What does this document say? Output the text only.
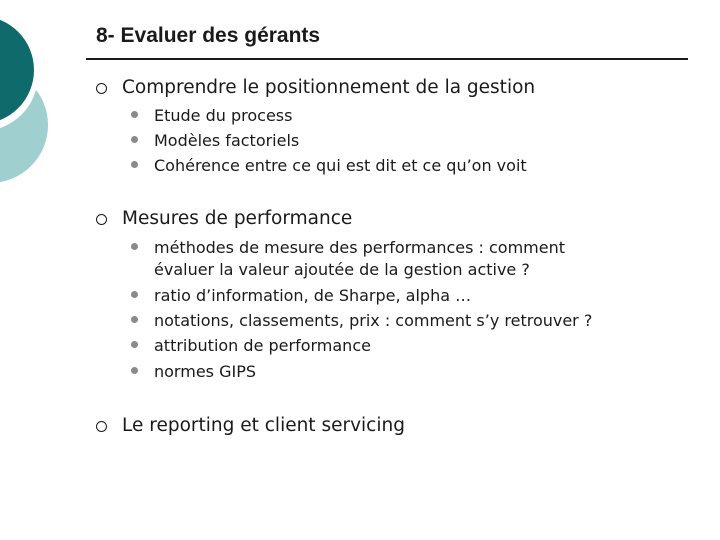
8- Evaluer des gérants
Comprendre le positionnement de la gestion
Etude du process
Modèles factoriels
Cohérence entre ce qui est dit et ce qu’on voit
Mesures de performance
méthodes de mesure des performances : comment
évaluer la valeur ajoutée de la gestion active ?
ratio d’information, de Sharpe, alpha …
notations, classements, prix : comment s’y retrouver ?
attribution de performance
normes GIPS
Le reporting et client servicing
